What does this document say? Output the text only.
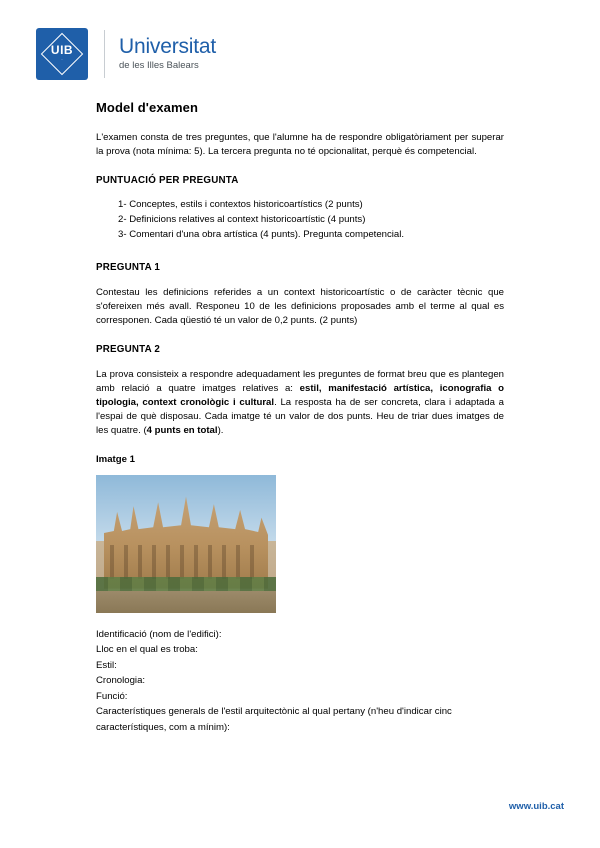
UIB
·
Universitat
de les Illes Balears
Model d'examen

L'examen consta de tres preguntes, que l'alumne ha de respondre obligatòriament per superar la prova (nota mínima: 5). La tercera pregunta no té opcionalitat, perquè és competencial.

PUNTUACIÓ PER PREGUNTA
1- Conceptes, estils i contextos historicoartístics (2 punts)
2- Definicions relatives al context historicoartístic (4 punts)
3- Comentari d'una obra artística (4 punts). Pregunta competencial.
PREGUNTA 1

Contestau les definicions referides a un context historicoartístic o de caràcter tècnic que s'ofereixen més avall. Responeu 10 de les definicions proposades amb el terme al qual es corresponen. Cada qüestió té un valor de 0,2 punts. (2 punts)

PREGUNTA 2

La prova consisteix a respondre adequadament les preguntes de format breu que es plantegen amb relació a quatre imatges relatives a: estil, manifestació artística, iconografia o tipologia, context cronològic i cultural. La resposta ha de ser concreta, clara i adaptada a l'espai de què disposau. Cada imatge té un valor de dos punts. Heu de triar dues imatges de les quatre. (4 punts en total).

Imatge 1
Identificació (nom de l'edifici):
Lloc en el qual es troba:
Estil:
Cronologia:
Funció:
Característiques generals de l'estil arquitectònic al qual pertany (n'heu d'indicar cinc característiques, com a mínim):
www.uib.cat
